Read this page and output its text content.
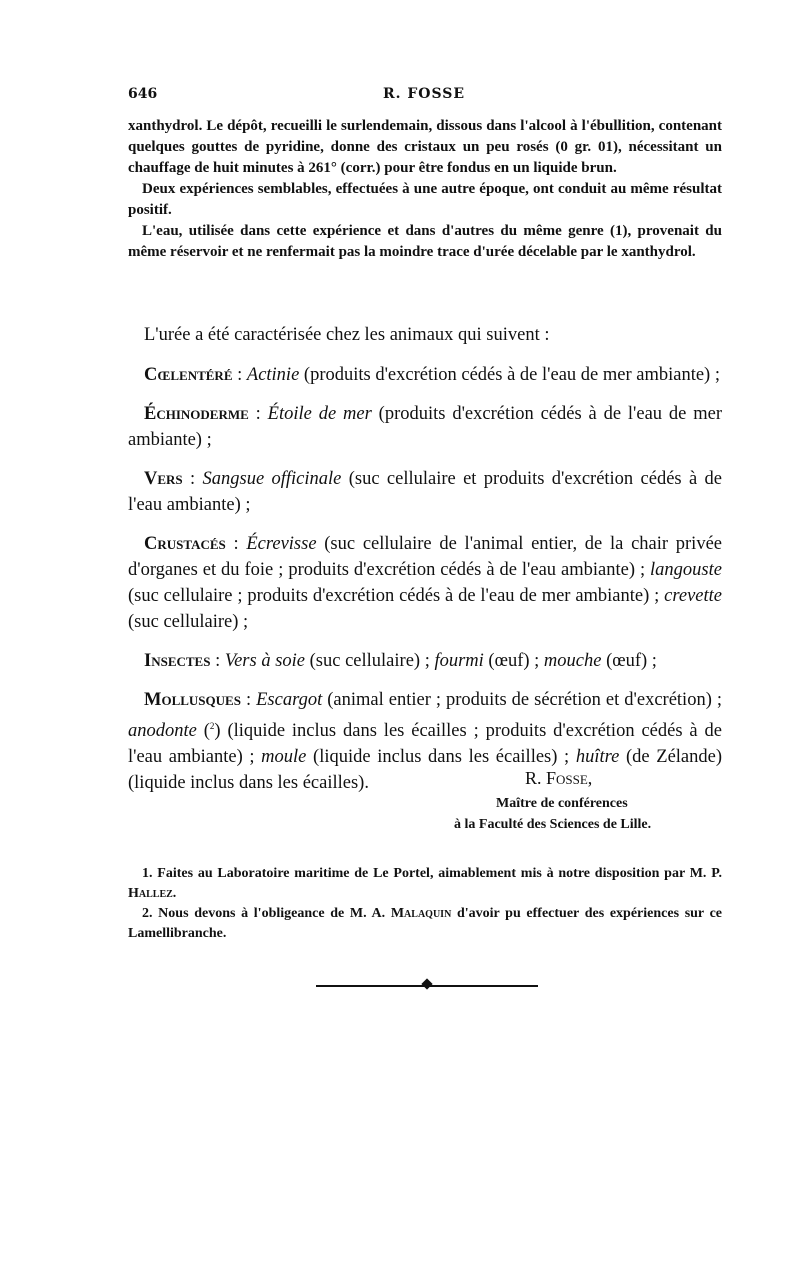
646	R. FOSSE

xanthydrol. Le dépôt, recueilli le surlendemain, dissous dans l'alcool à l'ébullition, contenant quelques gouttes de pyridine, donne des cristaux un peu rosés (0 gr. 01), nécessitant un chauffage de huit minutes à 261° (corr.) pour être fondus en un liquide brun.

Deux expériences semblables, effectuées à une autre époque, ont conduit au même résultat positif.

L'eau, utilisée dans cette expérience et dans d'autres du même genre (1), provenait du même réservoir et ne renfermait pas la moindre trace d'urée décelable par le xanthydrol.

L'urée a été caractérisée chez les animaux qui suivent :

Cœlentéré : Actinie (produits d'excrétion cédés à de l'eau de mer ambiante) ;

Échinoderme : Étoile de mer (produits d'excrétion cédés à de l'eau de mer ambiante) ;

Vers : Sangsue officinale (suc cellulaire et produits d'excrétion cédés à de l'eau ambiante) ;

Crustacés : Écrevisse (suc cellulaire de l'animal entier, de la chair privée d'organes et du foie ; produits d'excrétion cédés à de l'eau ambiante) ; langouste (suc cellulaire ; produits d'excrétion cédés à de l'eau de mer ambiante) ; crevette (suc cellulaire) ;

Insectes : Vers à soie (suc cellulaire) ; fourmi (œuf) ; mouche (œuf) ;

Mollusques : Escargot (animal entier ; produits de sécrétion et d'excrétion) ; anodonte ($^2$) (liquide inclus dans les écailles ; produits d'excrétion cédés à de l'eau ambiante) ; moule (liquide inclus dans les écailles) ; huître (de Zélande) (liquide inclus dans les écailles).	R. Fosse,
Maître de conférences
à la Faculté des Sciences de Lille.

1. Faites au Laboratoire maritime de Le Portel, aimablement mis à notre disposition par M. P. Hallez.

2. Nous devons à l'obligeance de M. A. Malaquin d'avoir pu effectuer des expériences sur ce Lamellibranche.
